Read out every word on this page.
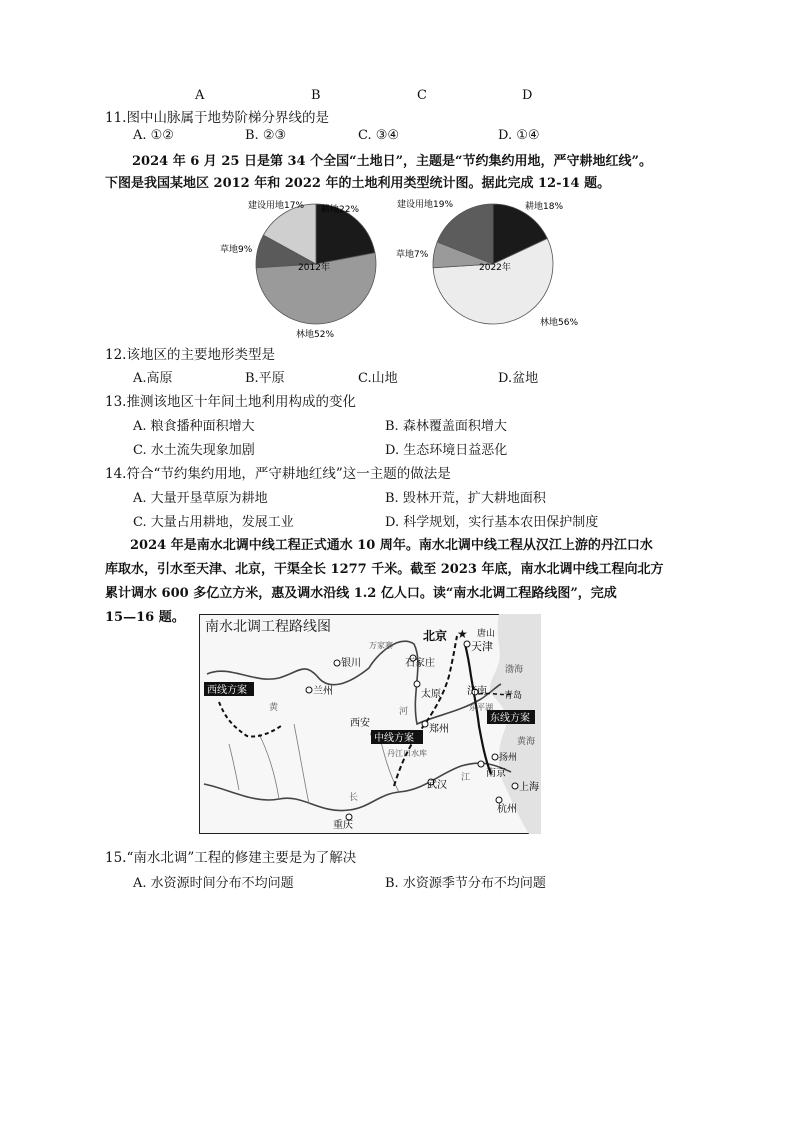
A	B	C	D
11.图中山脉属于地势阶梯分界线的是
A. ①②	B. ②③	C. ③④	D. ①④
2024 年 6 月 25 日是第 34 个全国“土地日”，主题是“节约集约用地，严守耕地红线”。
下图是我国某地区 2012 年和 2022 年的土地利用类型统计图。据此完成 12-14 题。
建设用地17% 耕地22%
草地9%
2012年
林地52%
建设用地19%	耕地18%
草地7%
2022年
林地56%
12.该地区的主要地形类型是
A.高原	B.平原	C.山地	D.盆地
13.推测该地区十年间土地利用构成的变化
A. 粮食播种面积增大	B. 森林覆盖面积增大
C. 水土流失现象加剧	D. 生态环境日益恶化
14.符合“节约集约用地，严守耕地红线”这一主题的做法是
A. 大量开垦草原为耕地	B. 毁林开荒，扩大耕地面积
C. 大量占用耕地，发展工业	D. 科学规划，实行基本农田保护制度
2024 年是南水北调中线工程正式通水 10 周年。南水北调中线工程从汉江上游的丹江口水
库取水，引水至天津、北京，干渠全长 1277 千米。截至 2023 年底，南水北调中线工程向北方
累计调水 600 多亿立方米，惠及调水沿线 1.2 亿人口。读“南水北调工程路线图”，完成
15—16 题。
★
南水北调工程路线图
西线方案
中线方案
东线方案
北京
天津
石家庄
太原
银川
兰州
西安
郑州
济南
武汉
南京
上海
杭州
重庆
扬州
唐山
青岛
万家寨
丹江口水库
东平湖
渤海
黄海
黄	河
长
江
15.“南水北调”工程的修建主要是为了解决
A. 水资源时间分布不均问题	B. 水资源季节分布不均问题
